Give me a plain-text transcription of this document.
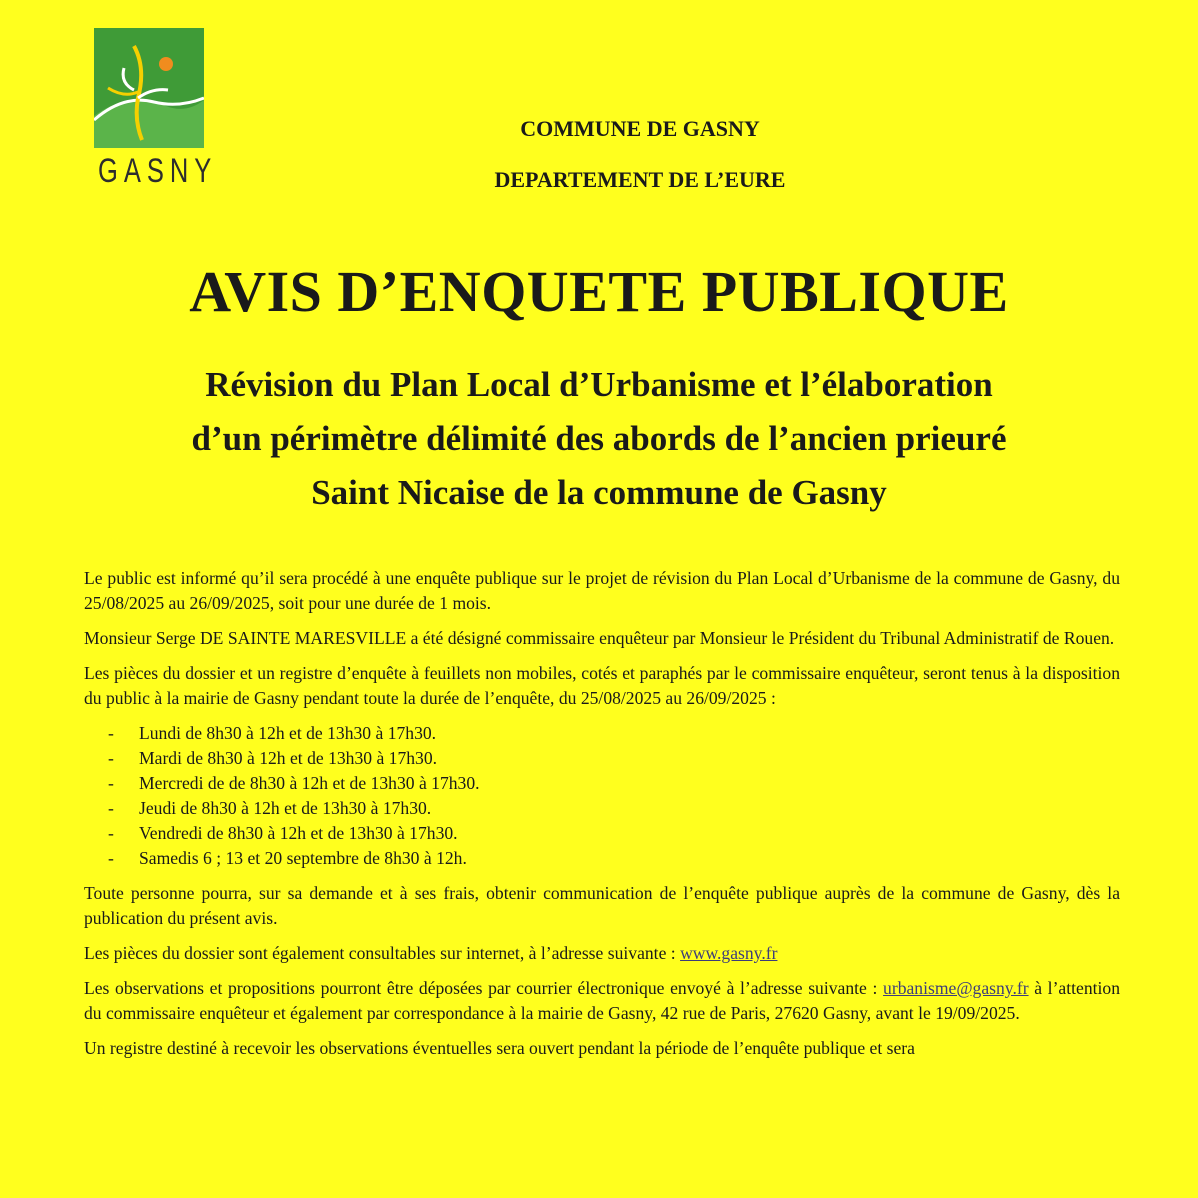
GASNY
COMMUNE DE GASNY
DEPARTEMENT DE L’EURE
AVIS D’ENQUETE PUBLIQUE
Révision du Plan Local d’Urbanisme et l’élaboration
d’un périmètre délimité des abords de l’ancien prieuré
Saint Nicaise de la commune de Gasny

Le public est informé qu’il sera procédé à une enquête publique sur le projet de révision du Plan Local d’Urbanisme de la commune de Gasny, du 25/08/2025 au 26/09/2025, soit pour une durée de 1 mois.

Monsieur Serge DE SAINTE MARESVILLE a été désigné commissaire enquêteur par Monsieur le Président du Tribunal Administratif de Rouen.

Les pièces du dossier et un registre d’enquête à feuillets non mobiles, cotés et paraphés par le commissaire enquêteur, seront tenus à la disposition du public à la mairie de Gasny pendant toute la durée de l’enquête, du 25/08/2025 au 26/09/2025 :

- Lundi de 8h30 à 12h et de 13h30 à 17h30.
- Mardi de 8h30 à 12h et de 13h30 à 17h30.
- Mercredi de de 8h30 à 12h et de 13h30 à 17h30.
- Jeudi de 8h30 à 12h et de 13h30 à 17h30.
- Vendredi de 8h30 à 12h et de 13h30 à 17h30.
- Samedis 6 ; 13 et 20 septembre de 8h30 à 12h.

Toute personne pourra, sur sa demande et à ses frais, obtenir communication de l’enquête publique auprès de la commune de Gasny, dès la publication du présent avis.

Les pièces du dossier sont également consultables sur internet, à l’adresse suivante : www.gasny.fr

Les observations et propositions pourront être déposées par courrier électronique envoyé à l’adresse suivante : urbanisme@gasny.fr à l’attention du commissaire enquêteur et également par correspondance à la mairie de Gasny, 42 rue de Paris, 27620 Gasny, avant le 19/09/2025.

Un registre destiné à recevoir les observations éventuelles sera ouvert pendant la période de l’enquête publique et sera
